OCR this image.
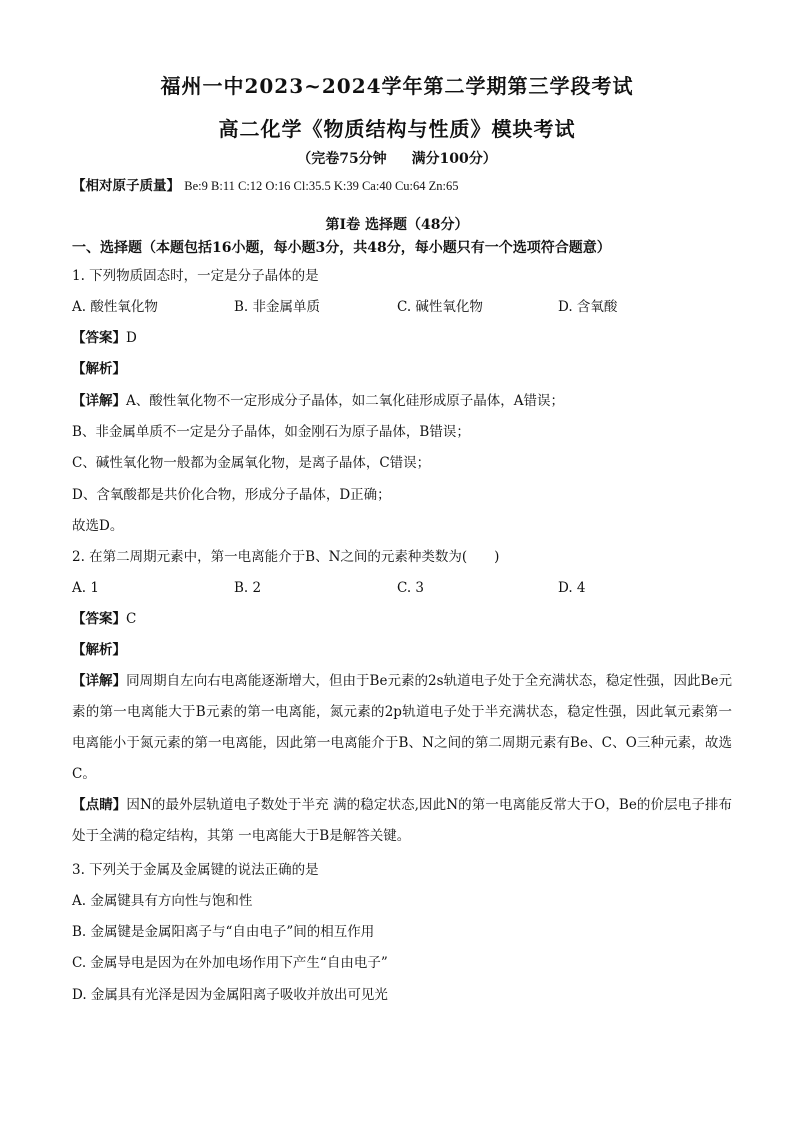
福州一中2023~2024学年第二学期第三学段考试
高二化学《物质结构与性质》模块考试
（完卷75分钟 满分100分）
【相对原子质量】 Be:9 B:11 C:12 O:16 Cl:35.5 K:39 Ca:40 Cu:64 Zn:65
第Ⅰ卷 选择题（48分）
一、选择题（本题包括16小题，每小题3分，共48分，每小题只有一个选项符合题意）
1. 下列物质固态时，一定是分子晶体的是
A. 酸性氧化物	B. 非金属单质	C. 碱性氧化物	D. 含氧酸
【答案】D
【解析】
【详解】A、酸性氧化物不一定形成分子晶体，如二氧化硅形成原子晶体，A错误；
B、非金属单质不一定是分子晶体，如金刚石为原子晶体，B错误；
C、碱性氧化物一般都为金属氧化物，是离子晶体，C错误；
D、含氧酸都是共价化合物，形成分子晶体，D正确；
故选D。
2. 在第二周期元素中，第一电离能介于B、N之间的元素种类数为(　　)
A. 1	B. 2	C. 3	D. 4
【答案】C
【解析】
【详解】同周期自左向右电离能逐渐增大，但由于Be元素的2s轨道电子处于全充满状态，稳定性强，因此Be元素的第一电离能大于B元素的第一电离能，氮元素的2p轨道电子处于半充满状态，稳定性强，因此氧元素第一电离能小于氮元素的第一电离能，因此第一电离能介于B、N之间的第二周期元素有Be、C、O三种元素，故选C。
【点睛】因N的最外层轨道电子数处于半充 满的稳定状态,因此N的第一电离能反常大于O，Be的价层电子排布处于全满的稳定结构，其第 一电离能大于B是解答关键。
3. 下列关于金属及金属键的说法正确的是
A. 金属键具有方向性与饱和性
B. 金属键是金属阳离子与“自由电子”间的相互作用
C. 金属导电是因为在外加电场作用下产生“自由电子”
D. 金属具有光泽是因为金属阳离子吸收并放出可见光
